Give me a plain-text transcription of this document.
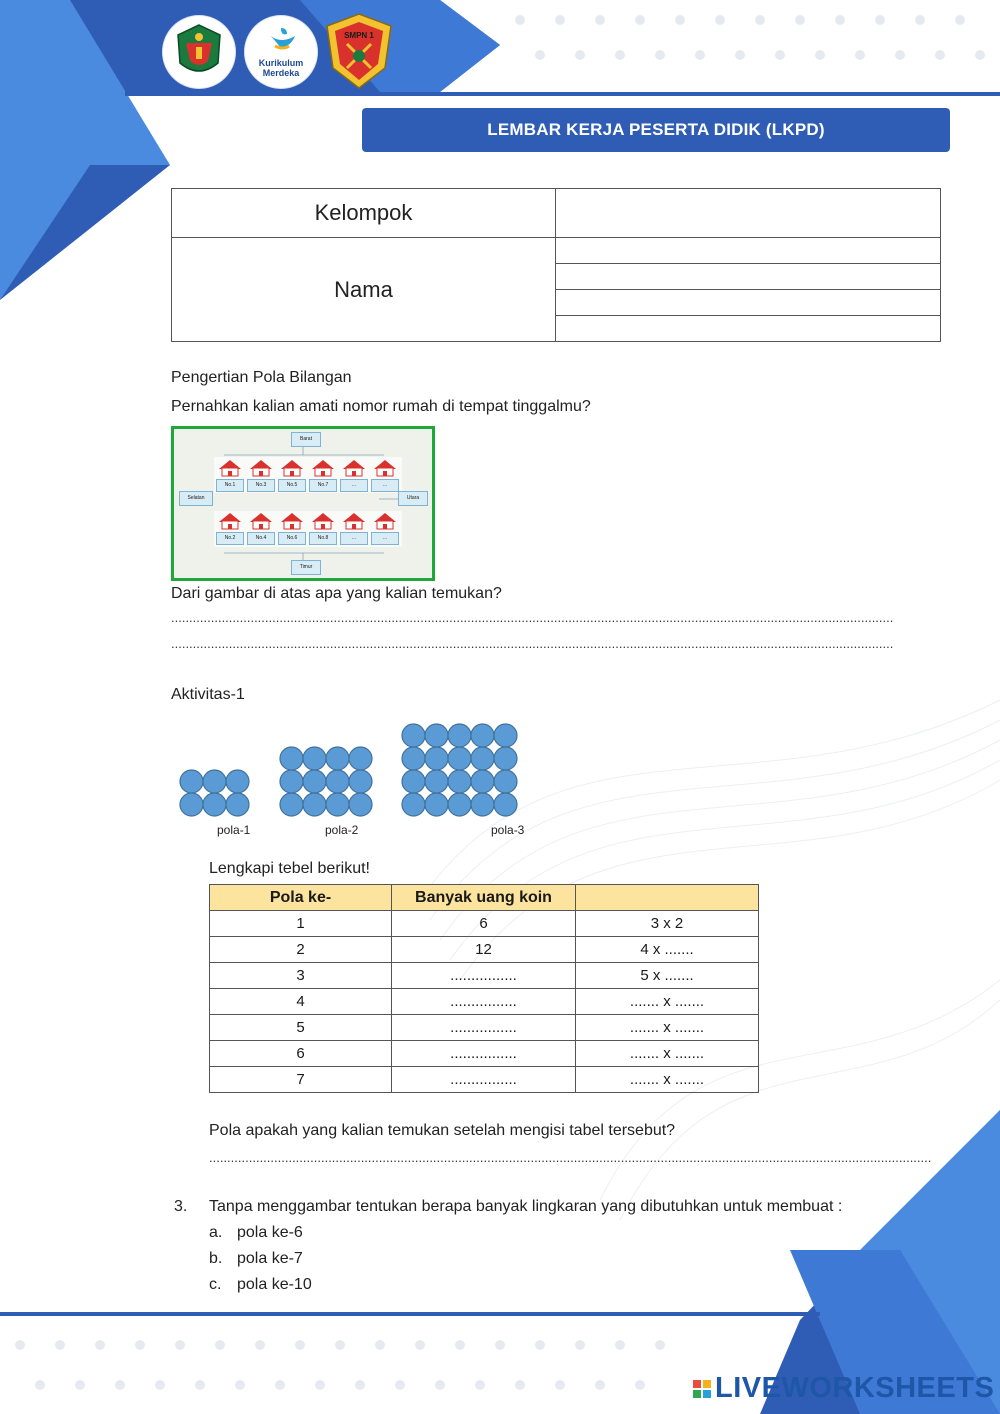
Kurikulum
Merdeka
SMPN 1
LEMBAR KERJA PESERTA DIDIK (LKPD)
Kelompok	
Nama	

Pengertian Pola Bilangan
Pernahkan kalian amati nomor rumah di tempat tinggalmu?
Barat
Timur
Selatan	Utara
No.1	No.3	No.5	No.7	...	...
No.2	No.4	No.6	No.8	...	...
Dari gambar di atas apa yang kalian temukan?
........................................................................................................................................................................................................
........................................................................................................................................................................................................
Aktivitas-1
pola-1	pola-2	pola-3
Lengkapi tebel berikut!
Pola ke-	Banyak uang koin	
1	6	3 x 2
2	12	4 x .......
3	................	5 x .......
4	................	....... x .......
5	................	....... x .......
6	................	....... x .......
7	................	....... x .......
Pola apakah yang kalian temukan setelah mengisi tabel tersebut?
........................................................................................................................................................................................................
3. Tanpa menggambar tentukan berapa banyak lingkaran yang dibutuhkan untuk membuat :
a. pola ke-6
b. pola ke-7
c. pola ke-10
LIVEWORKSHEETS
